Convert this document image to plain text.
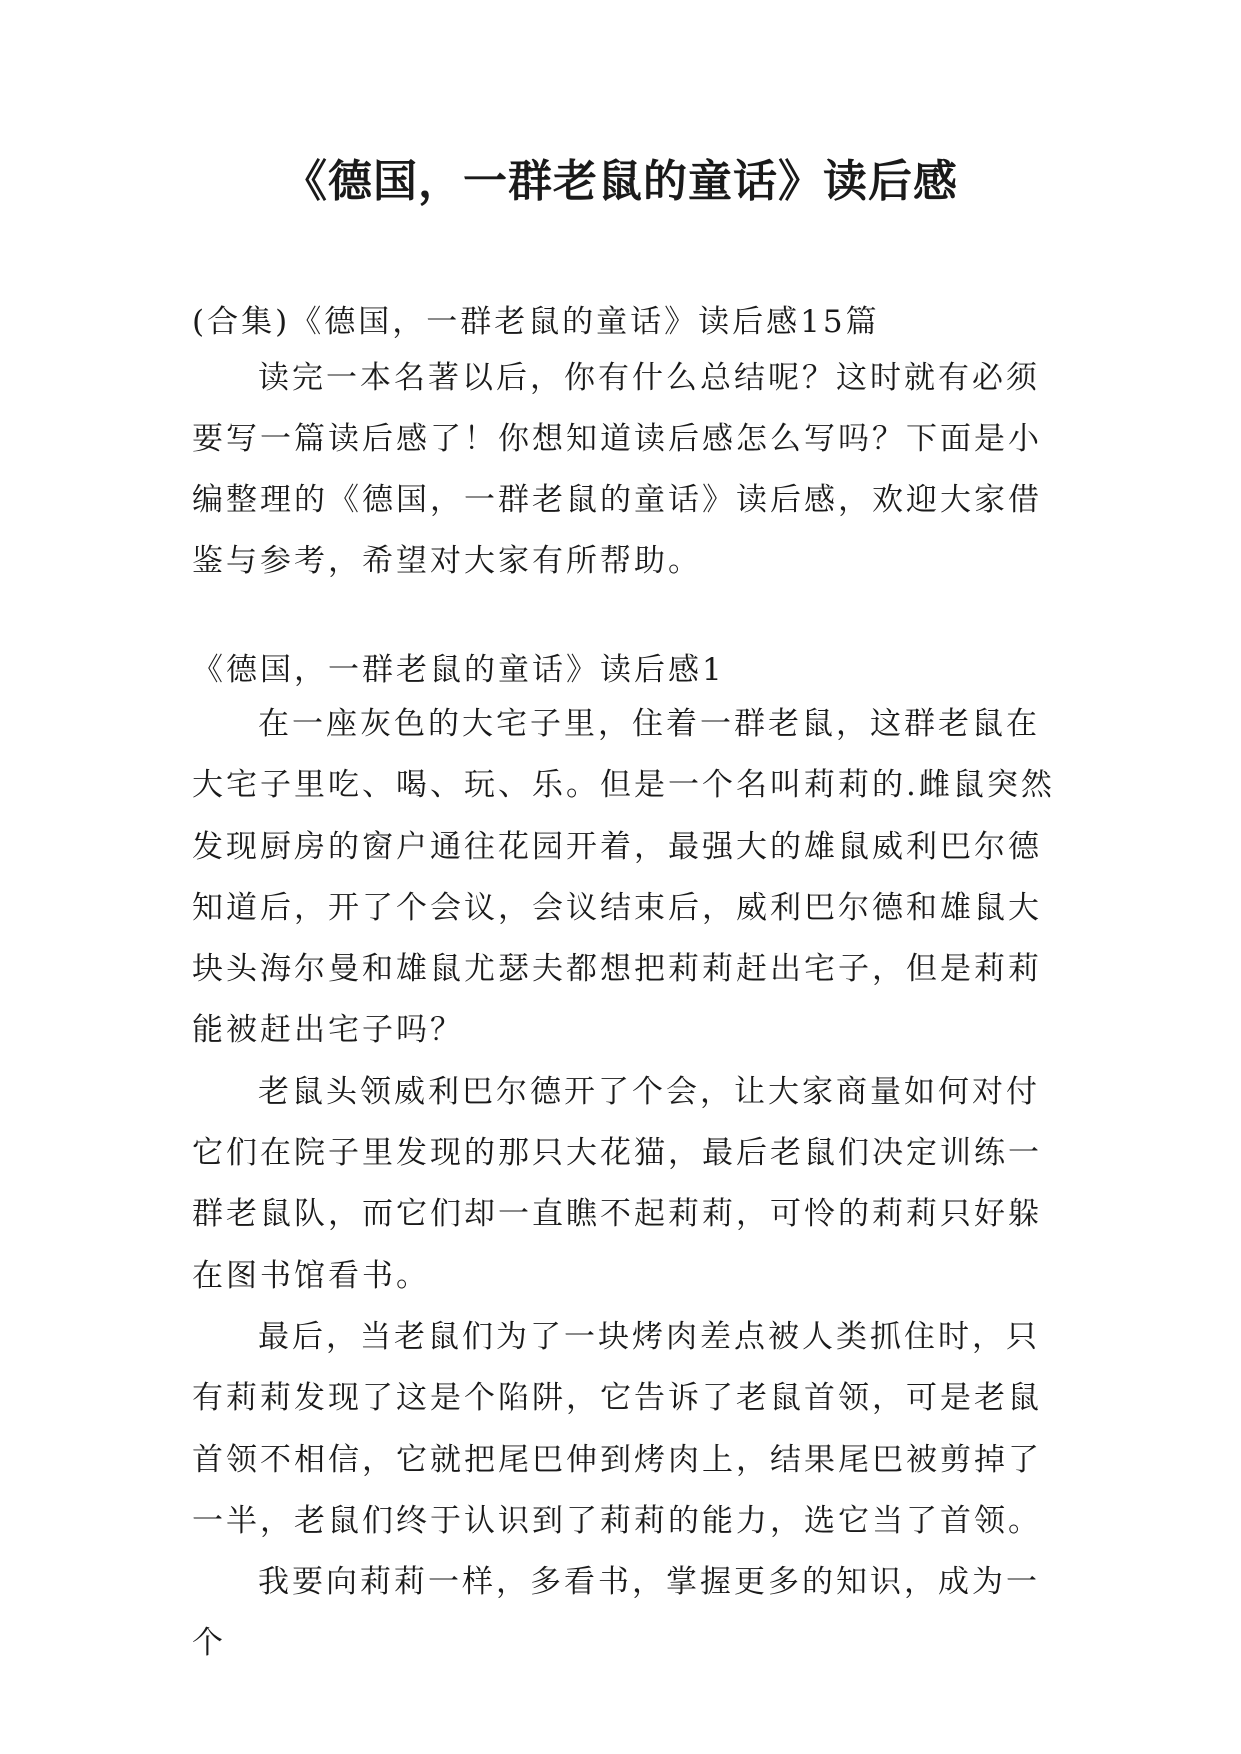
《德国，一群老鼠的童话》读后感
(合集)《德国，一群老鼠的童话》读后感15篇

读完一本名著以后，你有什么总结呢？这时就有必须要写一篇读后感了！你想知道读后感怎么写吗？下面是小编整理的《德国，一群老鼠的童话》读后感，欢迎大家借鉴与参考，希望对大家有所帮助。

《德国，一群老鼠的童话》读后感1

在一座灰色的大宅子里，住着一群老鼠，这群老鼠在大宅子里吃、喝、玩、乐。但是一个名叫莉莉的.雌鼠突然发现厨房的窗户通往花园开着，最强大的雄鼠威利巴尔德知道后，开了个会议，会议结束后，威利巴尔德和雄鼠大块头海尔曼和雄鼠尤瑟夫都想把莉莉赶出宅子，但是莉莉能被赶出宅子吗？

老鼠头领威利巴尔德开了个会，让大家商量如何对付它们在院子里发现的那只大花猫，最后老鼠们决定训练一群老鼠队，而它们却一直瞧不起莉莉，可怜的莉莉只好躲在图书馆看书。

最后，当老鼠们为了一块烤肉差点被人类抓住时，只有莉莉发现了这是个陷阱，它告诉了老鼠首领，可是老鼠首领不相信，它就把尾巴伸到烤肉上，结果尾巴被剪掉了一半，老鼠们终于认识到了莉莉的能力，选它当了首领。

我要向莉莉一样，多看书，掌握更多的知识，成为一个
